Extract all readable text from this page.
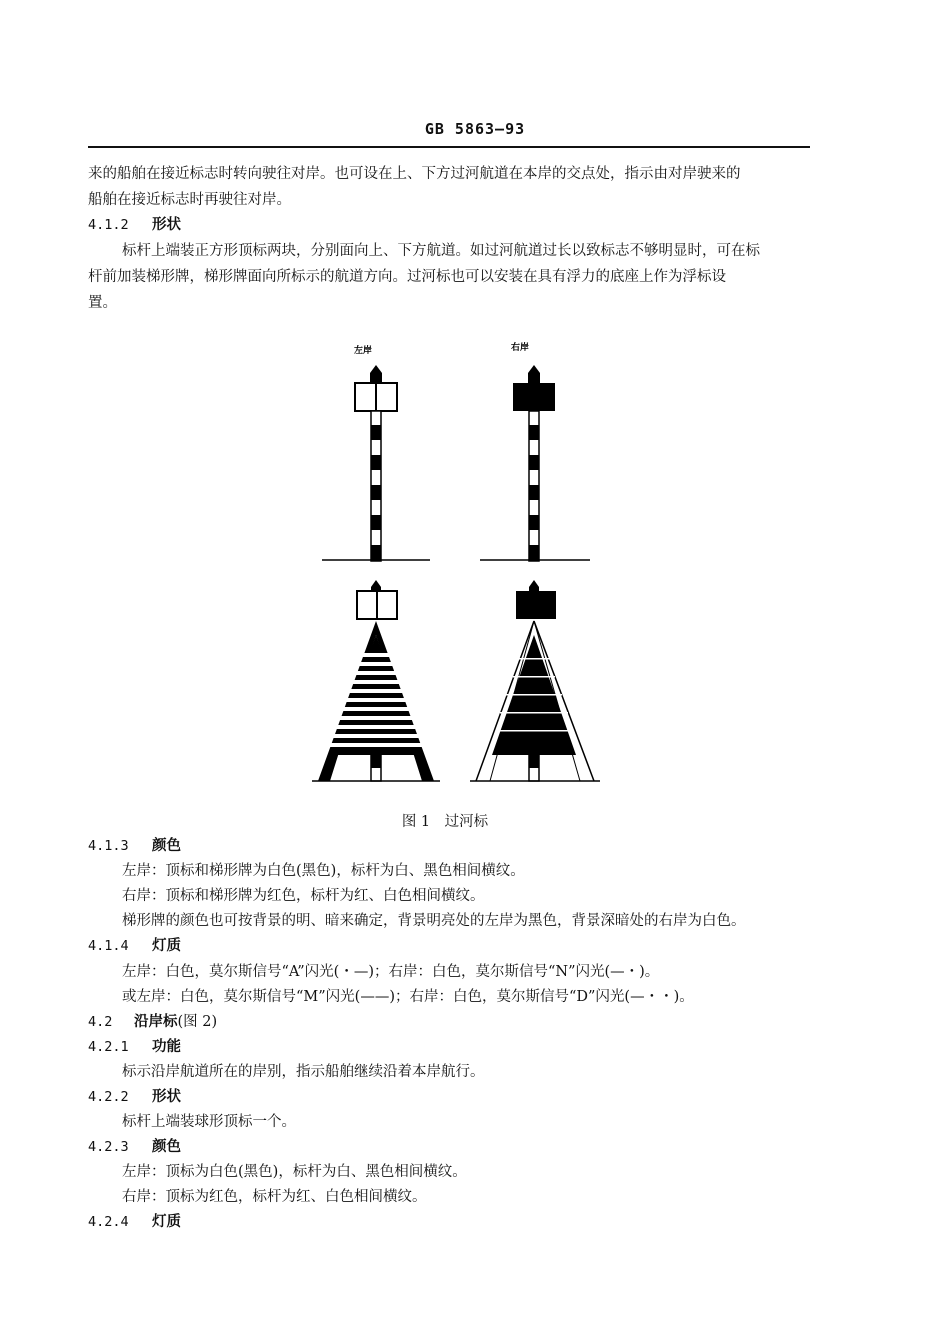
GB 5863—93
来的船舶在接近标志时转向驶往对岸。也可设在上、下方过河航道在本岸的交点处，指示由对岸驶来的
船舶在接近标志时再驶往对岸。
4.1.2 形状
标杆上端装正方形顶标两块，分别面向上、下方航道。如过河航道过长以致标志不够明显时，可在标
杆前加装梯形牌，梯形牌面向所标示的航道方向。过河标也可以安装在具有浮力的底座上作为浮标设
置。
左岸	右岸
图 1　过河标
4.1.3 颜色
左岸：顶标和梯形牌为白色(黑色)，标杆为白、黑色相间横纹。
右岸：顶标和梯形牌为红色，标杆为红、白色相间横纹。
梯形牌的颜色也可按背景的明、暗来确定，背景明亮处的左岸为黑色，背景深暗处的右岸为白色。
4.1.4 灯质
左岸：白色，莫尔斯信号“A”闪光(・—)；右岸：白色，莫尔斯信号“N”闪光(—・)。
或左岸：白色，莫尔斯信号“M”闪光(——)；右岸：白色，莫尔斯信号“D”闪光(—・・)。
4.2 沿岸标(图 2)
4.2.1 功能
标示沿岸航道所在的岸别，指示船舶继续沿着本岸航行。
4.2.2 形状
标杆上端装球形顶标一个。
4.2.3 颜色
左岸：顶标为白色(黑色)，标杆为白、黑色相间横纹。
右岸：顶标为红色，标杆为红、白色相间横纹。
4.2.4 灯质
